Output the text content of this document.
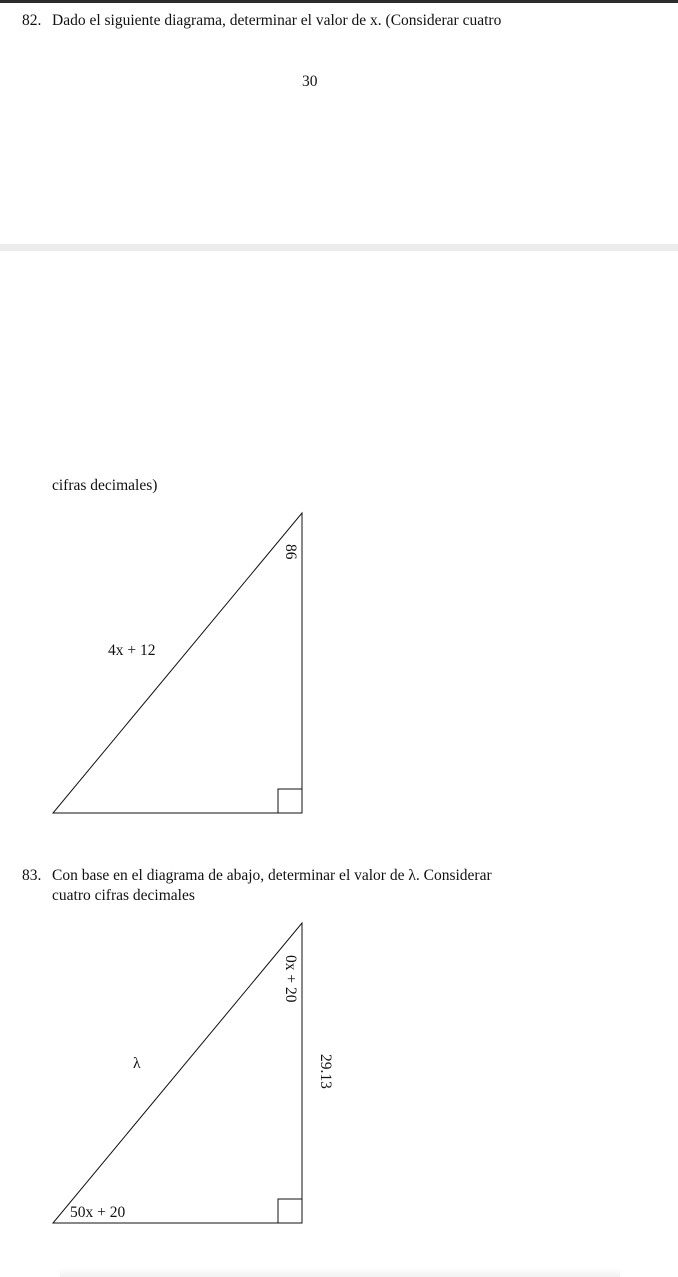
82. Dado el siguiente diagrama, determinar el valor de x. (Considerar cuatro
30
cifras decimales)
4x + 12
86
83. Con base en el diagrama de abajo, determinar el valor de λ. Considerar
cuatro cifras decimales
λ
0x + 20
29.13
50x + 20
